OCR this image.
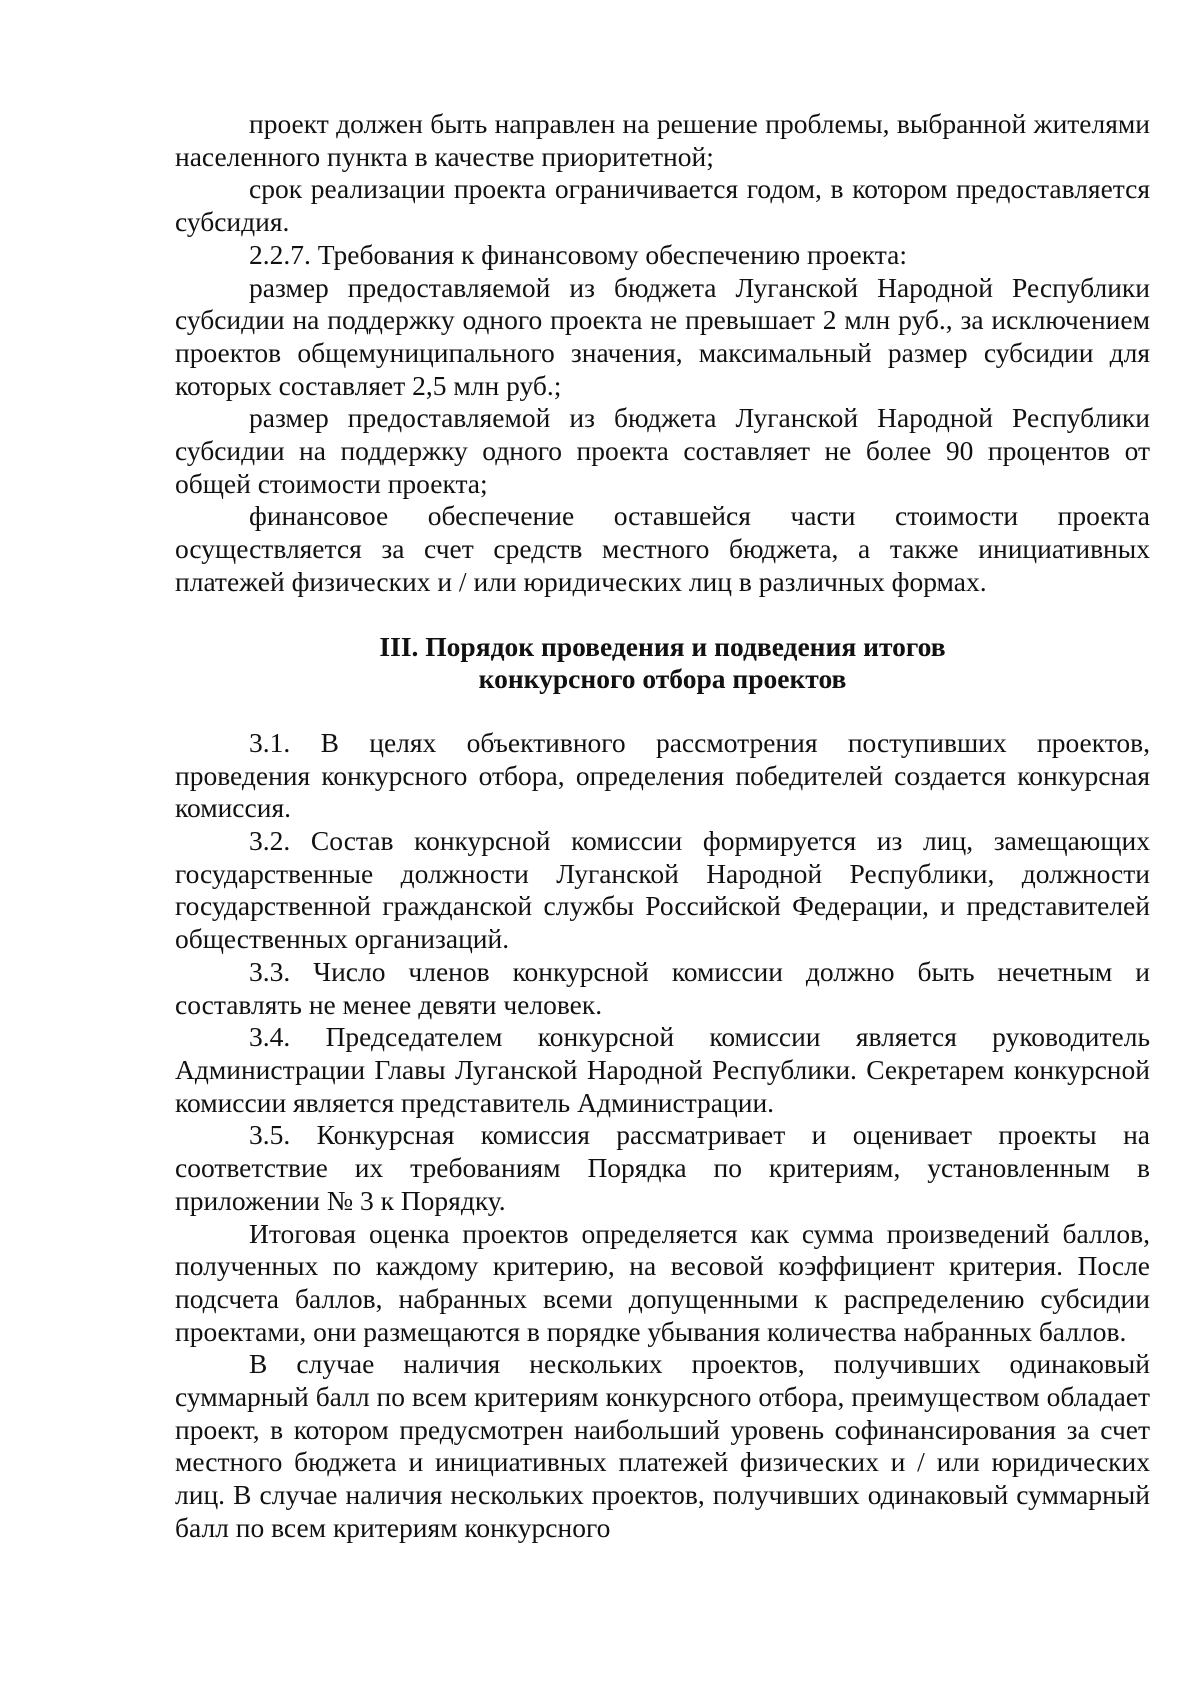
проект должен быть направлен на решение проблемы, выбранной жителями населенного пункта в качестве приоритетной;

срок реализации проекта ограничивается годом, в котором предоставляется субсидия.

2.2.7. Требования к финансовому обеспечению проекта:

размер предоставляемой из бюджета Луганской Народной Республики субсидии на поддержку одного проекта не превышает 2 млн руб., за исключением проектов общемуниципального значения, максимальный размер субсидии для которых составляет 2,5 млн руб.;

размер предоставляемой из бюджета Луганской Народной Республики субсидии на поддержку одного проекта составляет не более 90 процентов от общей стоимости проекта;

финансовое обеспечение оставшейся части стоимости проекта осуществляется за счет средств местного бюджета, а также инициативных платежей физических и / или юридических лиц в различных формах.

III. Порядок проведения и подведения итогов
конкурсного отбора проектов

3.1. В целях объективного рассмотрения поступивших проектов, проведения конкурсного отбора, определения победителей создается конкурсная комиссия.

3.2. Состав конкурсной комиссии формируется из лиц, замещающих государственные должности Луганской Народной Республики, должности государственной гражданской службы Российской Федерации, и представителей общественных организаций.

3.3. Число членов конкурсной комиссии должно быть нечетным и составлять не менее девяти человек.

3.4. Председателем конкурсной комиссии является руководитель Администрации Главы Луганской Народной Республики. Секретарем конкурсной комиссии является представитель Администрации.

3.5. Конкурсная комиссия рассматривает и оценивает проекты на соответствие их требованиям Порядка по критериям, установленным в приложении № 3 к Порядку.

Итоговая оценка проектов определяется как сумма произведений баллов, полученных по каждому критерию, на весовой коэффициент критерия. После подсчета баллов, набранных всеми допущенными к распределению субсидии проектами, они размещаются в порядке убывания количества набранных баллов.

В случае наличия нескольких проектов, получивших одинаковый суммарный балл по всем критериям конкурсного отбора, преимуществом обладает проект, в котором предусмотрен наибольший уровень софинансирования за счет местного бюджета и инициативных платежей физических и / или юридических лиц. В случае наличия нескольких проектов, получивших одинаковый суммарный балл по всем критериям конкурсного
